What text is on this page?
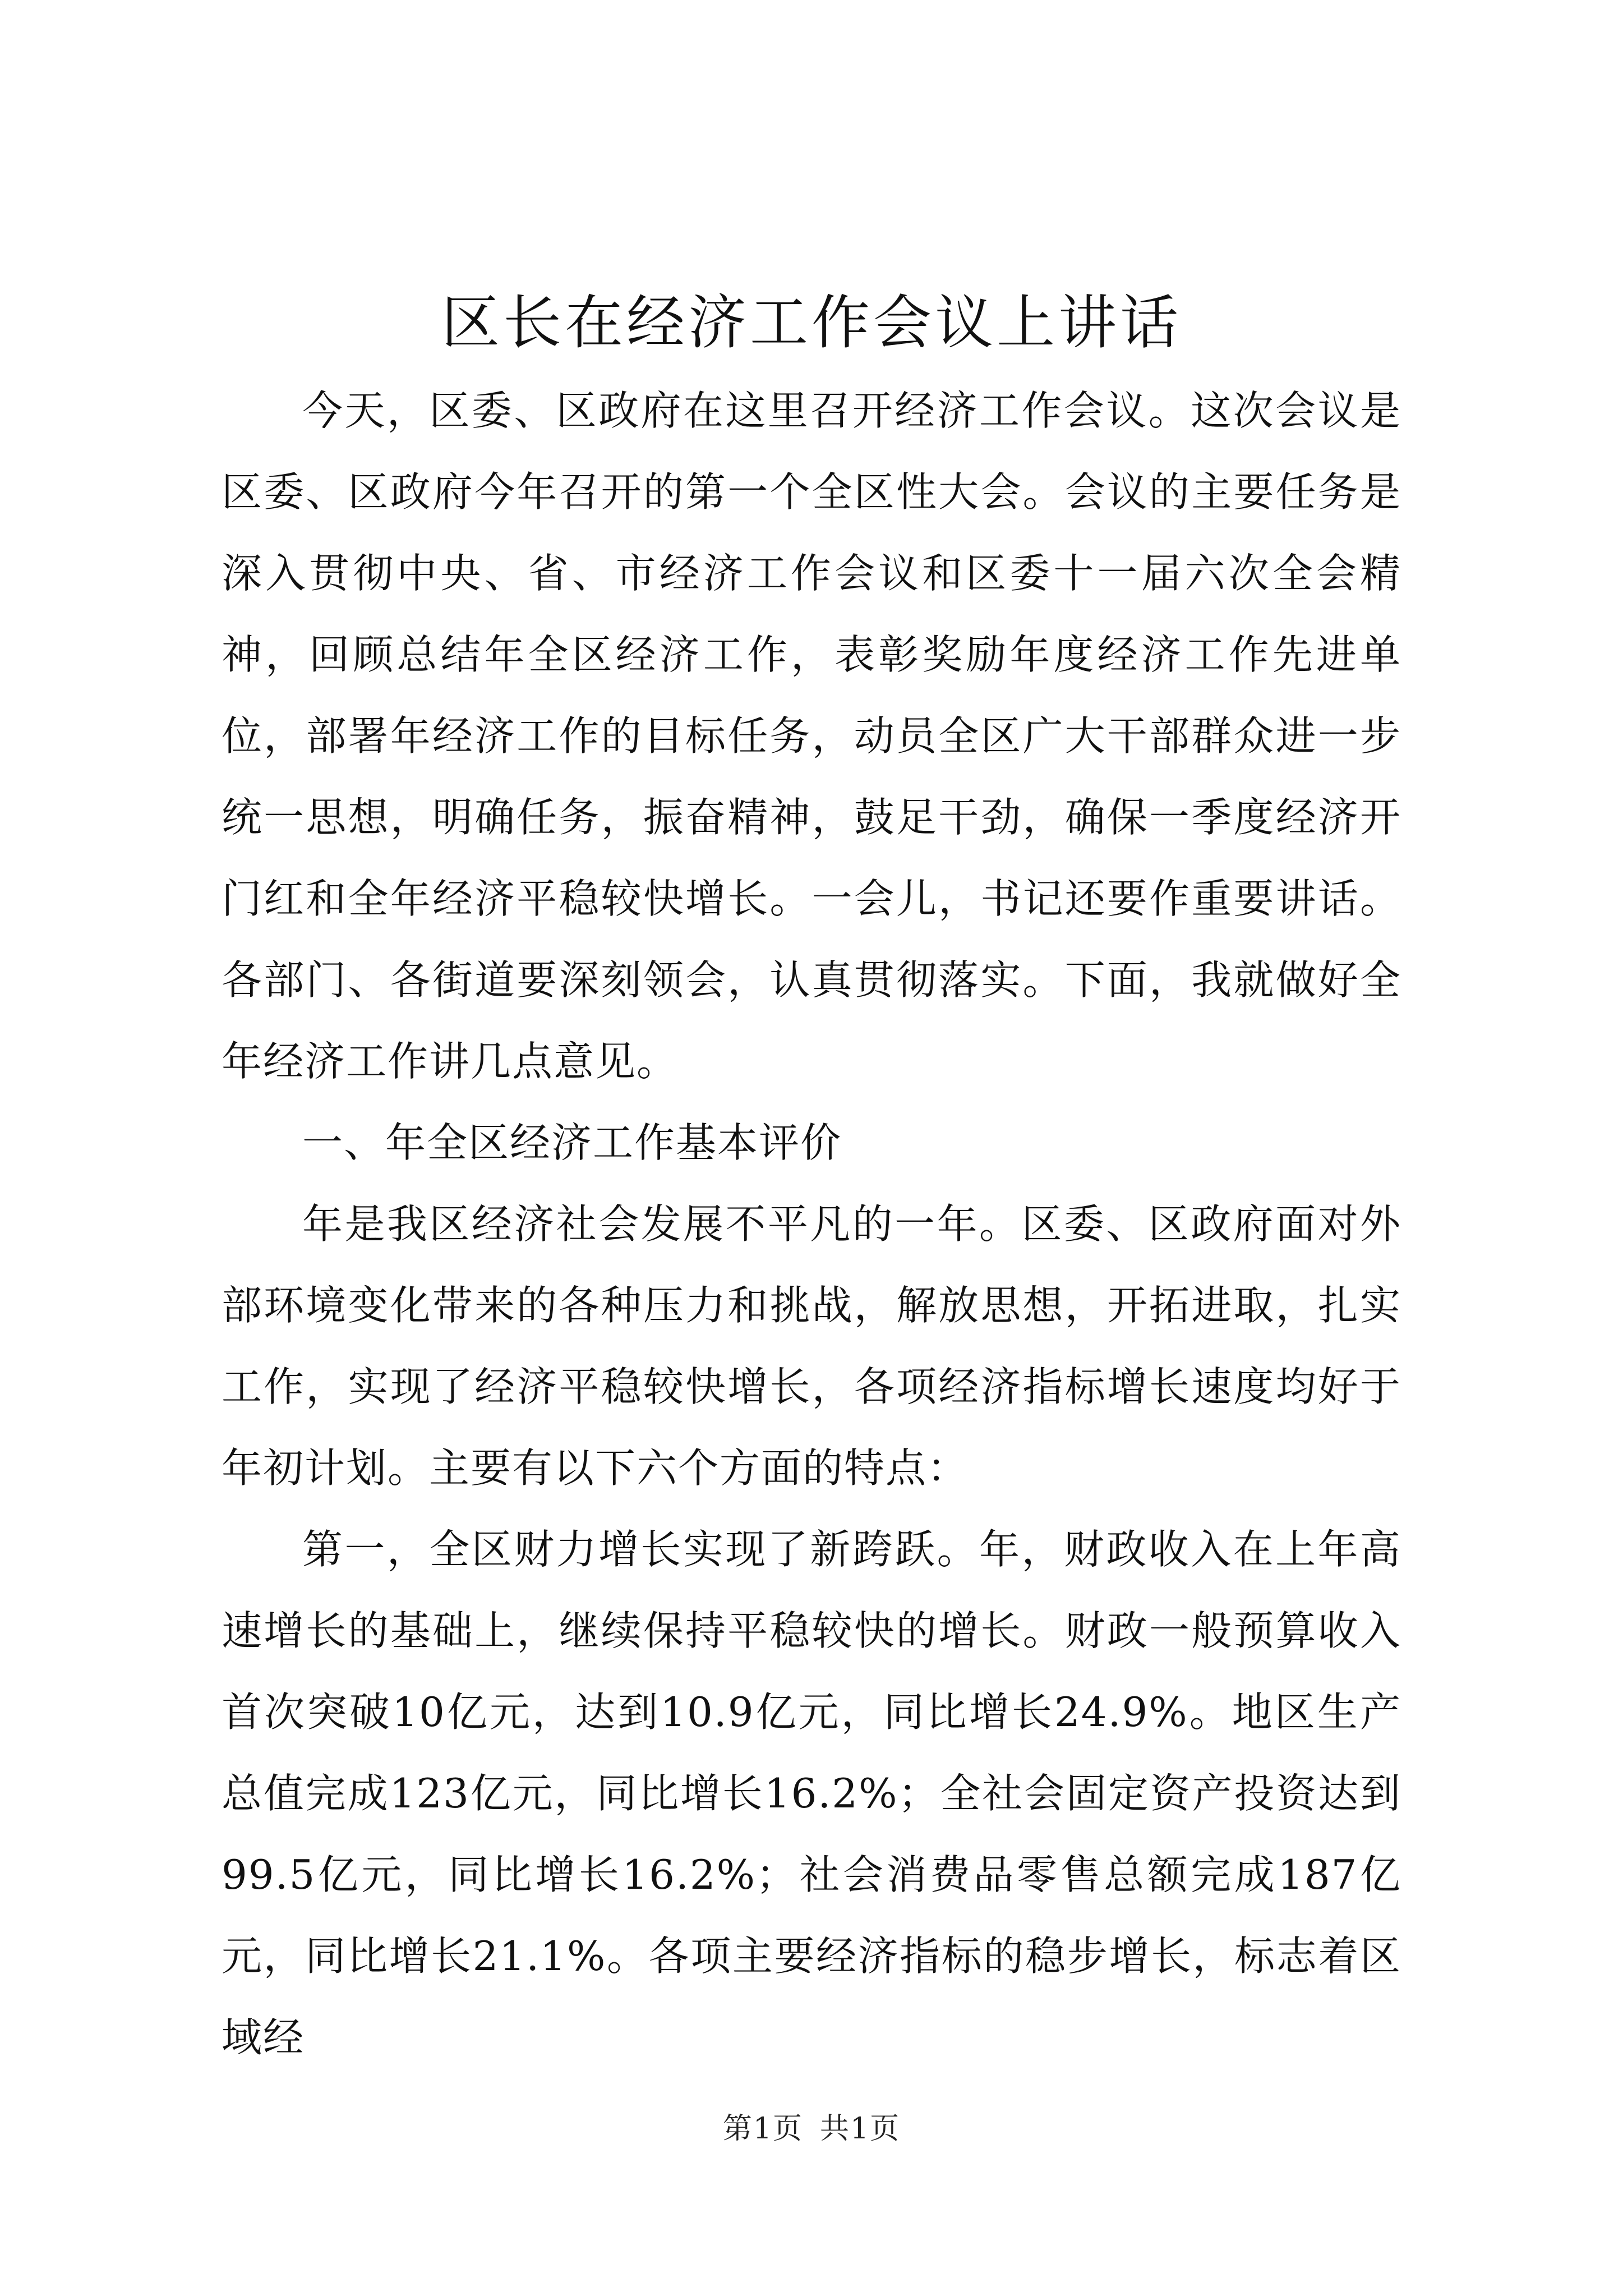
区长在经济工作会议上讲话

今天，区委、区政府在这里召开经济工作会议。这次会议是区委、区政府今年召开的第一个全区性大会。会议的主要任务是深入贯彻中央、省、市经济工作会议和区委十一届六次全会精神，回顾总结年全区经济工作，表彰奖励年度经济工作先进单位，部署年经济工作的目标任务，动员全区广大干部群众进一步统一思想，明确任务，振奋精神，鼓足干劲，确保一季度经济开门红和全年经济平稳较快增长。一会儿，书记还要作重要讲话。各部门、各街道要深刻领会，认真贯彻落实。下面，我就做好全年经济工作讲几点意见。

一、年全区经济工作基本评价

年是我区经济社会发展不平凡的一年。区委、区政府面对外部环境变化带来的各种压力和挑战，解放思想，开拓进取，扎实工作，实现了经济平稳较快增长，各项经济指标增长速度均好于年初计划。主要有以下六个方面的特点：

第一，全区财力增长实现了新跨跃。年，财政收入在上年高速增长的基础上，继续保持平稳较快的增长。财政一般预算收入首次突破10亿元，达到10.9亿元，同比增长24.9%。地区生产总值完成123亿元，同比增长16.2%；全社会固定资产投资达到99.5亿元，同比增长16.2%；社会消费品零售总额完成187亿元，同比增长21.1%。各项主要经济指标的稳步增长，标志着区域经

第1页 共1页
